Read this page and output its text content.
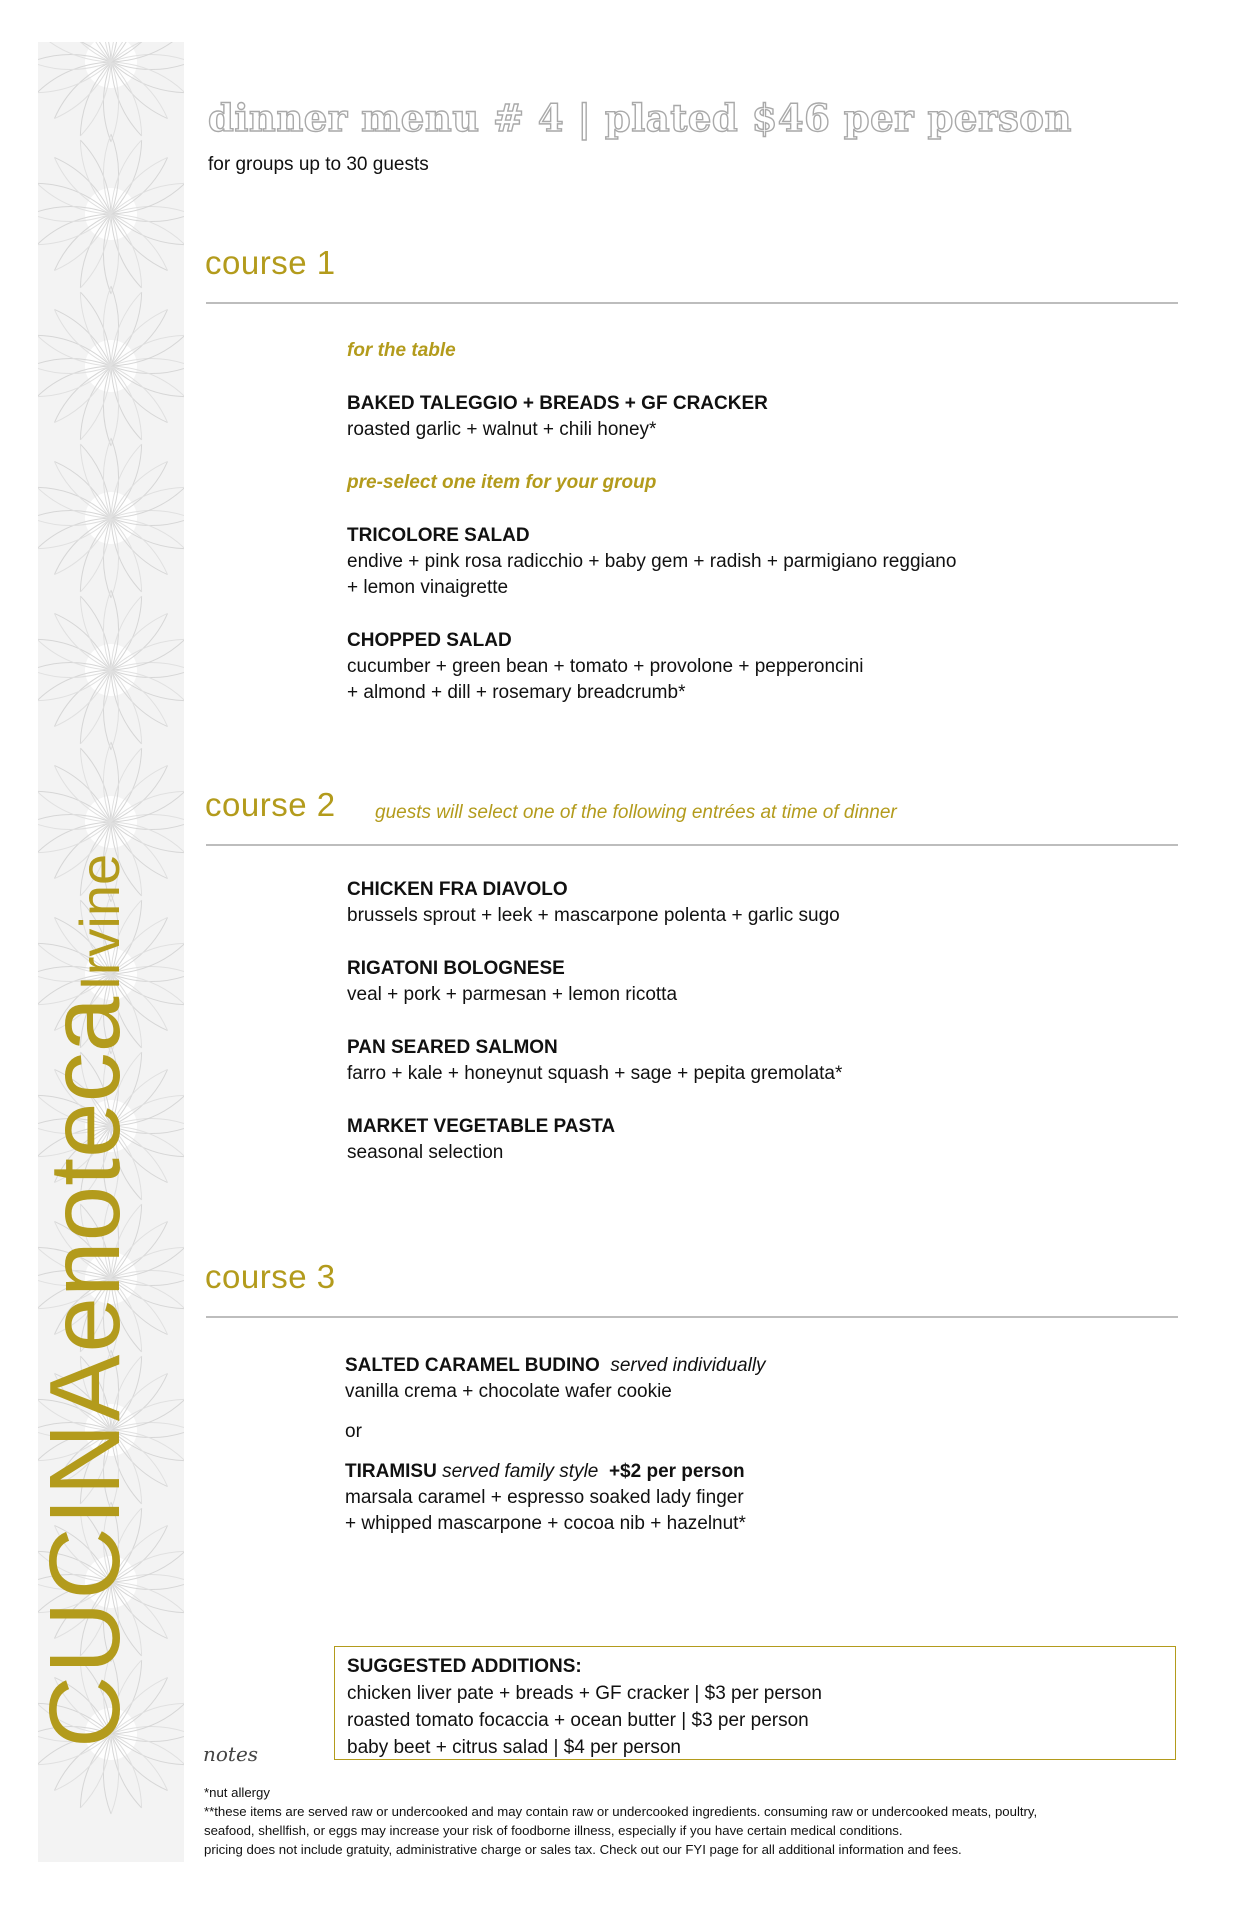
CUCINAenotecaIrvine
dinner menu # 4 | plated $46 per person
for groups up to 30 guests
course 1

for the table

BAKED TALEGGIO + BREADS + GF CRACKER

roasted garlic + walnut + chili honey*

pre-select one item for your group

TRICOLORE SALAD

endive + pink rosa radicchio + baby gem + radish + parmigiano reggiano

+ lemon vinaigrette

CHOPPED SALAD

cucumber + green bean + tomato + provolone + pepperoncini

+ almond + dill + rosemary breadcrumb*

course 2 guests will select one of the following entrées at time of dinner

CHICKEN FRA DIAVOLO

brussels sprout + leek + mascarpone polenta + garlic sugo

RIGATONI BOLOGNESE

veal + pork + parmesan + lemon ricotta

PAN SEARED SALMON

farro + kale + honeynut squash + sage + pepita gremolata*

MARKET VEGETABLE PASTA

seasonal selection

course 3

SALTED CARAMEL BUDINO served individually

vanilla crema + chocolate wafer cookie

or

TIRAMISU served family style +$2 per person

marsala caramel + espresso soaked lady finger

+ whipped mascarpone + cocoa nib + hazelnut*

SUGGESTED ADDITIONS:
chicken liver pate + breads + GF cracker | $3 per person
roasted tomato focaccia + ocean butter | $3 per person
baby beet + citrus salad | $4 per person
notes

*nut allergy

**these items are served raw or undercooked and may contain raw or undercooked ingredients. consuming raw or undercooked meats, poultry,

seafood, shellfish, or eggs may increase your risk of foodborne illness, especially if you have certain medical conditions.

pricing does not include gratuity, administrative charge or sales tax. Check out our FYI page for all additional information and fees.
